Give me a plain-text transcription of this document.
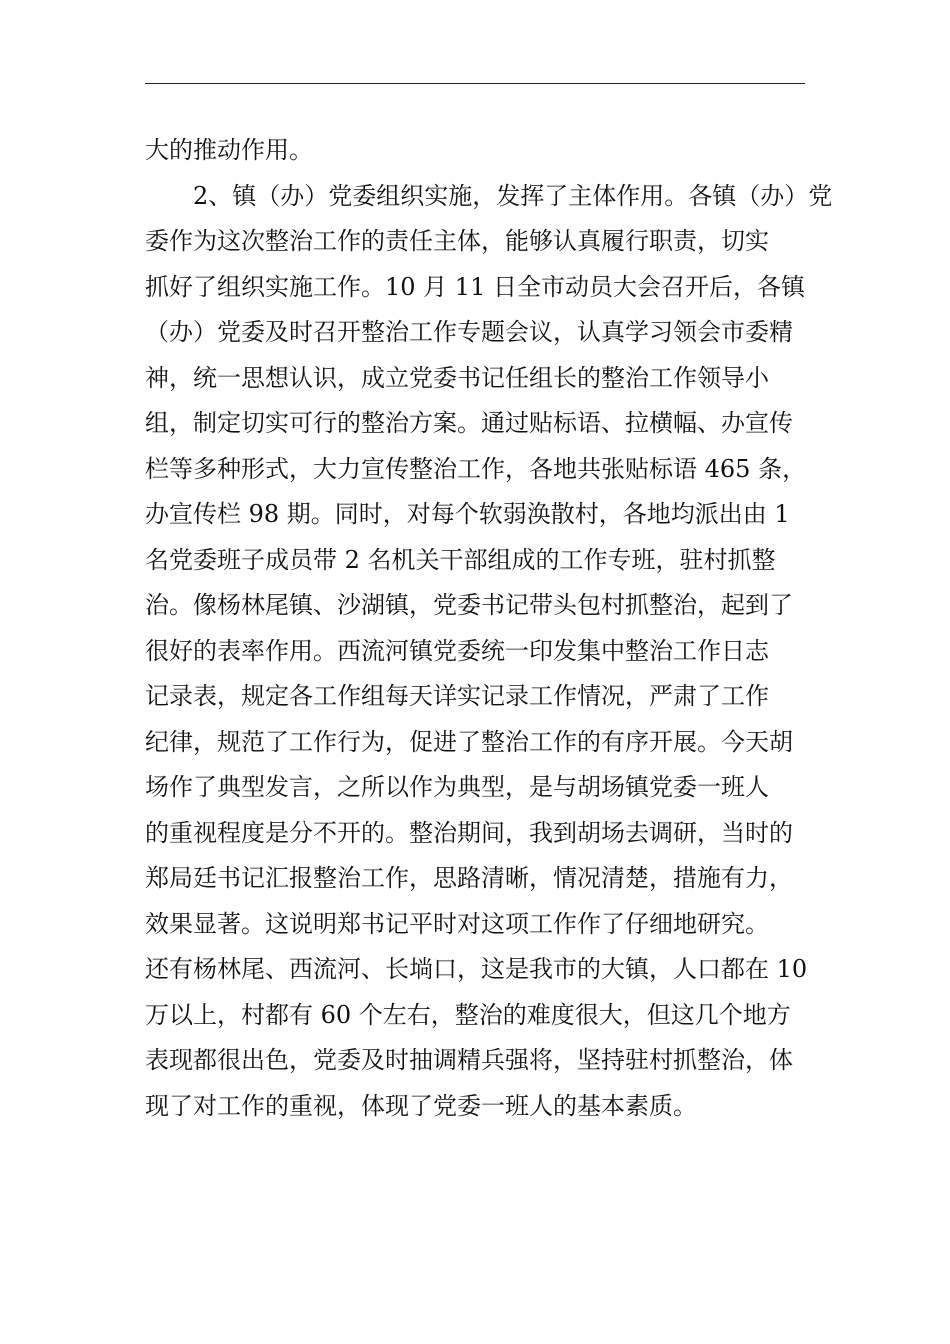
大的推动作用。
　　2、镇（办）党委组织实施，发挥了主体作用。各镇（办）党
委作为这次整治工作的责任主体，能够认真履行职责，切实
抓好了组织实施工作。10 月 11 日全市动员大会召开后，各镇
（办）党委及时召开整治工作专题会议，认真学习领会市委精
神，统一思想认识，成立党委书记任组长的整治工作领导小
组，制定切实可行的整治方案。通过贴标语、拉横幅、办宣传
栏等多种形式，大力宣传整治工作，各地共张贴标语 465 条，
办宣传栏 98 期。同时，对每个软弱涣散村，各地均派出由 1
名党委班子成员带 2 名机关干部组成的工作专班，驻村抓整
治。像杨林尾镇、沙湖镇，党委书记带头包村抓整治，起到了
很好的表率作用。西流河镇党委统一印发集中整治工作日志
记录表，规定各工作组每天详实记录工作情况，严肃了工作
纪律，规范了工作行为，促进了整治工作的有序开展。今天胡
场作了典型发言，之所以作为典型，是与胡场镇党委一班人
的重视程度是分不开的。整治期间，我到胡场去调研，当时的
郑局廷书记汇报整治工作，思路清晰，情况清楚，措施有力，
效果显著。这说明郑书记平时对这项工作作了仔细地研究。
还有杨林尾、西流河、长埫口，这是我市的大镇，人口都在 10
万以上，村都有 60 个左右，整治的难度很大，但这几个地方
表现都很出色，党委及时抽调精兵强将，坚持驻村抓整治，体
现了对工作的重视，体现了党委一班人的基本素质。
